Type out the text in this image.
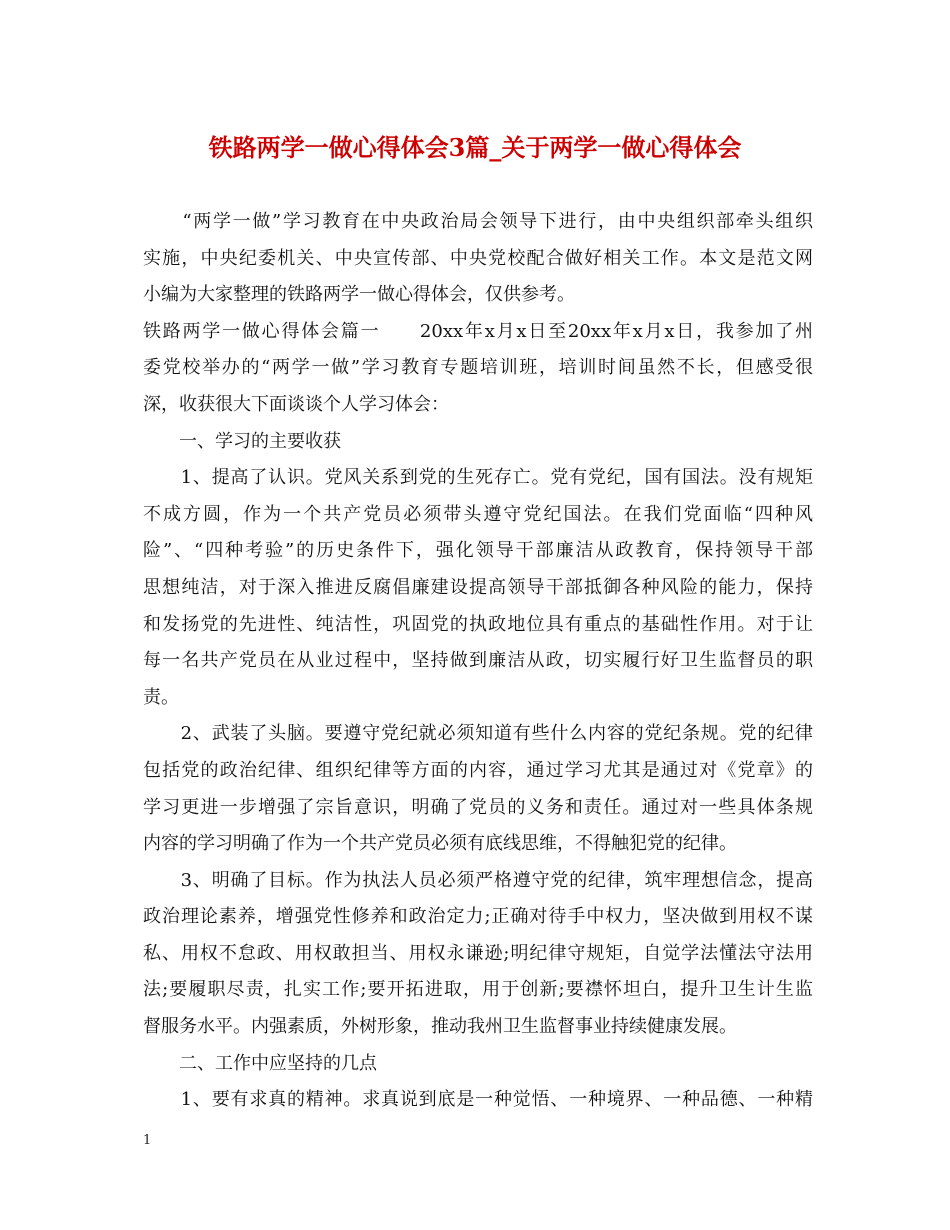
铁路两学一做心得体会3篇_关于两学一做心得体会
　　“两学一做”学习教育在中央政治局会领导下进行，由中央组织部牵头组织
实施，中央纪委机关、中央宣传部、中央党校配合做好相关工作。本文是范文网
小编为大家整理的铁路两学一做心得体会，仅供参考。
铁路两学一做心得体会篇一　　20xx年x月x日至20xx年x月x日，我参加了州
委党校举办的“两学一做”学习教育专题培训班，培训时间虽然不长，但感受很
深，收获很大下面谈谈个人学习体会：
　　一、学习的主要收获
　　1、提高了认识。党风关系到党的生死存亡。党有党纪，国有国法。没有规矩
不成方圆，作为一个共产党员必须带头遵守党纪国法。在我们党面临“四种风
险”、“四种考验”的历史条件下，强化领导干部廉洁从政教育，保持领导干部
思想纯洁，对于深入推进反腐倡廉建设提高领导干部抵御各种风险的能力，保持
和发扬党的先进性、纯洁性，巩固党的执政地位具有重点的基础性作用。对于让
每一名共产党员在从业过程中，坚持做到廉洁从政，切实履行好卫生监督员的职
责。
　　2、武装了头脑。要遵守党纪就必须知道有些什么内容的党纪条规。党的纪律
包括党的政治纪律、组织纪律等方面的内容，通过学习尤其是通过对《党章》的
学习更进一步增强了宗旨意识，明确了党员的义务和责任。通过对一些具体条规
内容的学习明确了作为一个共产党员必须有底线思维，不得触犯党的纪律。
　　3、明确了目标。作为执法人员必须严格遵守党的纪律，筑牢理想信念，提高
政治理论素养，增强党性修养和政治定力;正确对待手中权力，坚决做到用权不谋
私、用权不怠政、用权敢担当、用权永谦逊;明纪律守规矩，自觉学法懂法守法用
法;要履职尽责，扎实工作;要开拓进取，用于创新;要襟怀坦白，提升卫生计生监
督服务水平。内强素质，外树形象，推动我州卫生监督事业持续健康发展。
　　二、工作中应坚持的几点
　　1、要有求真的精神。求真说到底是一种觉悟、一种境界、一种品德、一种精
1
